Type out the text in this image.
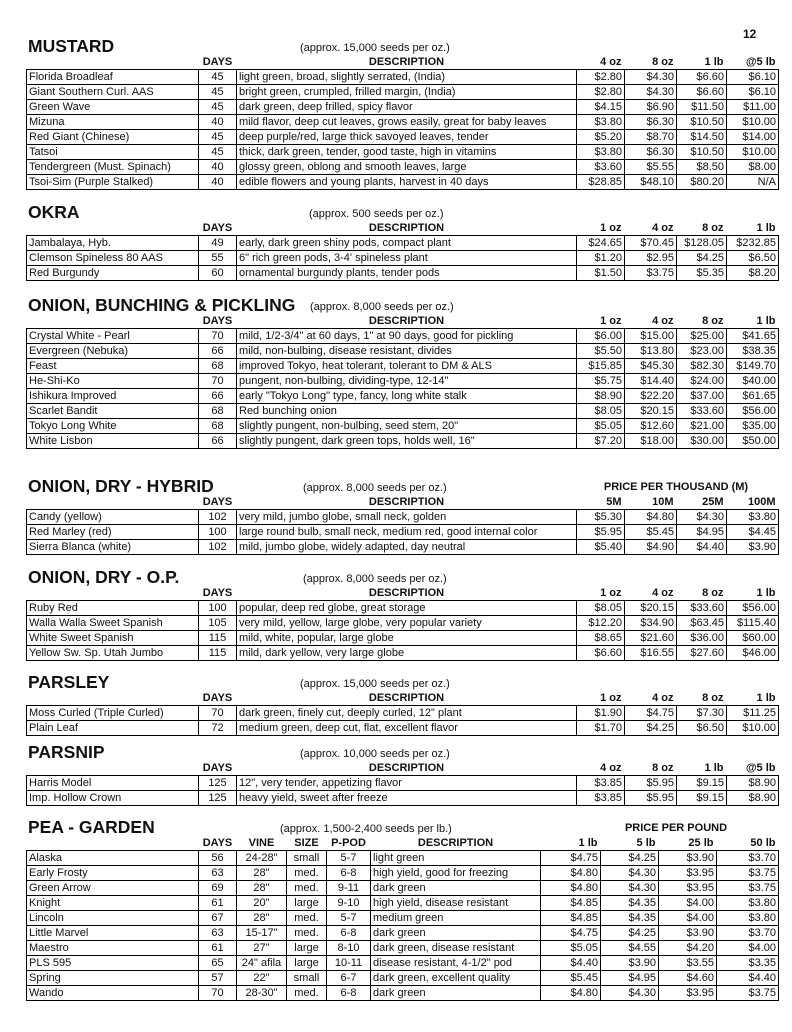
12
MUSTARD	(approx. 15,000 seeds per oz.)
	DAYS	DESCRIPTION	4 oz	8 oz	1 lb	@5 lb
Florida Broadleaf	45	light green, broad, slightly serrated, (India)	$2.80	$4.30	$6.60	$6.10
Giant Southern Curl. AAS	45	bright green, crumpled, frilled margin, (India)	$2.80	$4.30	$6.60	$6.10
Green Wave	45	dark green, deep frilled, spicy flavor	$4.15	$6.90	$11.50	$11.00
Mizuna	40	mild flavor, deep cut leaves, grows easily, great for baby leaves	$3.80	$6.30	$10.50	$10.00
Red Giant (Chinese)	45	deep purple/red, large thick savoyed leaves, tender	$5.20	$8.70	$14.50	$14.00
Tatsoi	45	thick, dark green, tender, good taste, high in vitamins	$3.80	$6.30	$10.50	$10.00
Tendergreen (Must. Spinach)	40	glossy green, oblong and smooth leaves, large	$3.60	$5.55	$8.50	$8.00
Tsoi-Sim (Purple Stalked)	40	edible flowers and young plants, harvest in 40 days	$28.85	$48.10	$80.20	N/A
OKRA	(approx. 500 seeds per oz.)
	DAYS	DESCRIPTION	1 oz	4 oz	8 oz	1 lb
Jambalaya, Hyb.	49	early, dark green shiny pods, compact plant	$24.65	$70.45	$128.05	$232.85
Clemson Spineless 80 AAS	55	6" rich green pods, 3-4' spineless plant	$1.20	$2.95	$4.25	$6.50
Red Burgundy	60	ornamental burgundy plants, tender pods	$1.50	$3.75	$5.35	$8.20
ONION, BUNCHING & PICKLING (approx. 8,000 seeds per oz.)
	DAYS	DESCRIPTION	1 oz	4 oz	8 oz	1 lb
Crystal White - Pearl	70	mild, 1/2-3/4" at 60 days, 1" at 90 days, good for pickling	$6.00	$15.00	$25.00	$41.65
Evergreen (Nebuka)	66	mild, non-bulbing, disease resistant, divides	$5.50	$13.80	$23.00	$38.35
Feast	68	improved Tokyo, heat tolerant, tolerant to DM & ALS	$15.85	$45.30	$82.30	$149.70
He-Shi-Ko	70	pungent, non-bulbing, dividing-type, 12-14"	$5.75	$14.40	$24.00	$40.00
Ishikura Improved	66	early "Tokyo Long" type, fancy, long white stalk	$8.90	$22.20	$37.00	$61.65
Scarlet Bandit	68	Red bunching onion	$8.05	$20.15	$33.60	$56.00
Tokyo Long White	68	slightly pungent, non-bulbing, seed stem, 20"	$5.05	$12.60	$21.00	$35.00
White Lisbon	66	slightly pungent, dark green tops, holds well, 16"	$7.20	$18.00	$30.00	$50.00
ONION, DRY - HYBRID	(approx. 8,000 seeds per oz.)	PRICE PER THOUSAND (M)
	DAYS	DESCRIPTION	5M	10M	25M	100M
Candy (yellow)	102	very mild, jumbo globe, small neck, golden	$5.30	$4.80	$4.30	$3.80
Red Marley (red)	100	large round bulb, small neck, medium red, good internal color	$5.95	$5.45	$4.95	$4.45
Sierra Blanca (white)	102	mild, jumbo globe, widely adapted, day neutral	$5.40	$4.90	$4.40	$3.90
ONION, DRY - O.P.	(approx. 8,000 seeds per oz.)
	DAYS	DESCRIPTION	1 oz	4 oz	8 oz	1 lb
Ruby Red	100	popular, deep red globe, great storage	$8.05	$20.15	$33.60	$56.00
Walla Walla Sweet Spanish	105	very mild, yellow, large globe, very popular variety	$12.20	$34.90	$63.45	$115.40
White Sweet Spanish	115	mild, white, popular, large globe	$8.65	$21.60	$36.00	$60.00
Yellow Sw. Sp. Utah Jumbo	115	mild, dark yellow, very large globe	$6.60	$16.55	$27.60	$46.00
PARSLEY	(approx. 15,000 seeds per oz.)
	DAYS	DESCRIPTION	1 oz	4 oz	8 oz	1 lb
Moss Curled (Triple Curled)	70	dark green, finely cut, deeply curled, 12" plant	$1.90	$4.75	$7.30	$11.25
Plain Leaf	72	medium green, deep cut, flat, excellent flavor	$1.70	$4.25	$6.50	$10.00
PARSNIP	(approx. 10,000 seeds per oz.)
	DAYS	DESCRIPTION	4 oz	8 oz	1 lb	@5 lb
Harris Model	125	12", very tender, appetizing flavor	$3.85	$5.95	$9.15	$8.90
Imp. Hollow Crown	125	heavy yield, sweet after freeze	$3.85	$5.95	$9.15	$8.90
PEA - GARDEN	(approx. 1,500-2,400 seeds per lb.)	PRICE PER POUND
	DAYS	VINE	SIZE	P-POD	DESCRIPTION	1 lb	5 lb	25 lb	50 lb
Alaska	56	24-28"	small	5-7	light green	$4.75	$4.25	$3.90	$3.70
Early Frosty	63	28"	med.	6-8	high yield, good for freezing	$4.80	$4.30	$3.95	$3.75
Green Arrow	69	28"	med.	9-11	dark green	$4.80	$4.30	$3.95	$3.75
Knight	61	20"	large	9-10	high yield, disease resistant	$4.85	$4.35	$4.00	$3.80
Lincoln	67	28"	med.	5-7	medium green	$4.85	$4.35	$4.00	$3.80
Little Marvel	63	15-17"	med.	6-8	dark green	$4.75	$4.25	$3.90	$3.70
Maestro	61	27"	large	8-10	dark green, disease resistant	$5.05	$4.55	$4.20	$4.00
PLS 595	65	24" afila	large	10-11	disease resistant, 4-1/2" pod	$4.40	$3.90	$3.55	$3.35
Spring	57	22"	small	6-7	dark green, excellent quality	$5.45	$4.95	$4.60	$4.40
Wando	70	28-30"	med.	6-8	dark green	$4.80	$4.30	$3.95	$3.75
